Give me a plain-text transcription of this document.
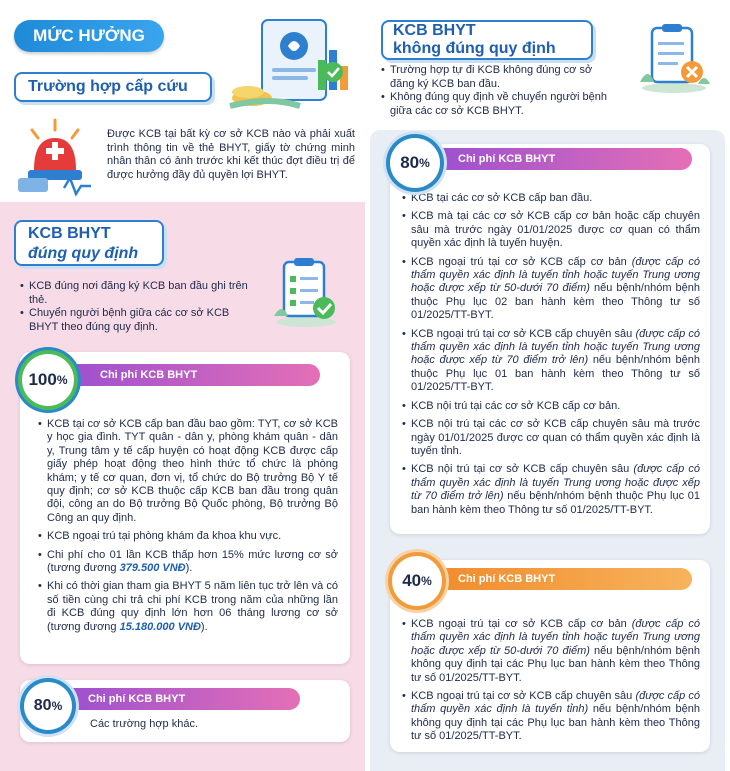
MỨC HƯỞNG
Trường hợp cấp cứu
Được KCB tại bất kỳ cơ sở KCB nào và phải xuất trình thông tin về thẻ BHYT, giấy tờ chứng minh nhân thân có ảnh trước khi kết thúc đợt điều trị để được hưởng đầy đủ quyền lợi BHYT.
KCB BHYT
đúng quy định
• KCB đúng nơi đăng ký KCB ban đầu ghi trên thẻ.
• Chuyển người bệnh giữa các cơ sở KCB BHYT theo đúng quy định.
Chi phí KCB BHYT
• KCB tại cơ sở KCB cấp ban đầu bao gồm: TYT, cơ sở KCB y học gia đình. TYT quân - dân y, phòng khám quân - dân y, Trung tâm y tế cấp huyện có hoạt động KCB được cấp giấy phép hoạt động theo hình thức tổ chức là phòng khám; y tế cơ quan, đơn vị, tổ chức do Bộ trưởng Bộ Y tế quy định; cơ sở KCB thuộc cấp KCB ban đầu trong quân đội, công an do Bộ trưởng Bộ Quốc phòng, Bộ trưởng Bộ Công an quy định.
• KCB ngoại trú tại phòng khám đa khoa khu vực.
• Chi phí cho 01 lần KCB thấp hơn 15% mức lương cơ sở (tương đương 379.500 VNĐ).
• Khi có thời gian tham gia BHYT 5 năm liên tục trở lên và có số tiền cùng chi trả chi phí KCB trong năm của những lần đi KCB đúng quy định lớn hơn 06 tháng lương cơ sở (tương đương 15.180.000 VNĐ).
100 %
Chi phí KCB BHYT
Các trường hợp khác.
80 %
KCB BHYT
không đúng quy định
• Trường hợp tự đi KCB không đúng cơ sở đăng ký KCB ban đầu.
• Không đúng quy định về chuyển người bệnh giữa các cơ sở KCB BHYT.
Chi phí KCB BHYT
• KCB tại các cơ sở KCB cấp ban đầu.
• KCB mà tại các cơ sở KCB cấp cơ bản hoặc cấp chuyên sâu mà trước ngày 01/01/2025 được cơ quan có thẩm quyền xác định là tuyến huyện.
• KCB ngoại trú tại cơ sở KCB cấp cơ bản (được cấp có thẩm quyền xác định là tuyến tỉnh hoặc tuyến Trung ương hoặc được xếp từ 50-dưới 70 điểm) nếu bệnh/nhóm bệnh thuộc Phụ lục 02 ban hành kèm theo Thông tư số 01/2025/TT-BYT.
• KCB ngoại trú tại cơ sở KCB cấp chuyên sâu (được cấp có thẩm quyền xác định là tuyến tỉnh hoặc tuyến Trung ương hoặc được xếp từ 70 điểm trở lên) nếu bệnh/nhóm bệnh thuộc Phụ lục 01 ban hành kèm theo Thông tư số 01/2025/TT-BYT.
• KCB nội trú tại các cơ sở KCB cấp cơ bản.
• KCB nội trú tại các cơ sở KCB cấp chuyên sâu mà trước ngày 01/01/2025 được cơ quan có thẩm quyền xác định là tuyến tỉnh.
• KCB nội trú tại cơ sở KCB cấp chuyên sâu (được cấp có thẩm quyền xác định là tuyến Trung ương hoặc được xếp từ 70 điểm trở lên) nếu bệnh/nhóm bệnh thuộc Phụ lục 01 ban hành kèm theo Thông tư số 01/2025/TT-BYT.
80 %
Chi phí KCB BHYT
• KCB ngoại trú tại cơ sở KCB cấp cơ bản (được cấp có thẩm quyền xác định là tuyến tỉnh hoặc tuyến Trung ương hoặc được xếp từ 50-dưới 70 điểm) nếu bệnh/nhóm bệnh không quy định tại các Phụ lục ban hành kèm theo Thông tư số 01/2025/TT-BYT.
• KCB ngoại trú tại cơ sở KCB cấp chuyên sâu (được cấp có thẩm quyền xác định là tuyến tỉnh) nếu bệnh/nhóm bệnh không quy định tại các Phụ lục ban hành kèm theo Thông tư số 01/2025/TT-BYT.
40 %
